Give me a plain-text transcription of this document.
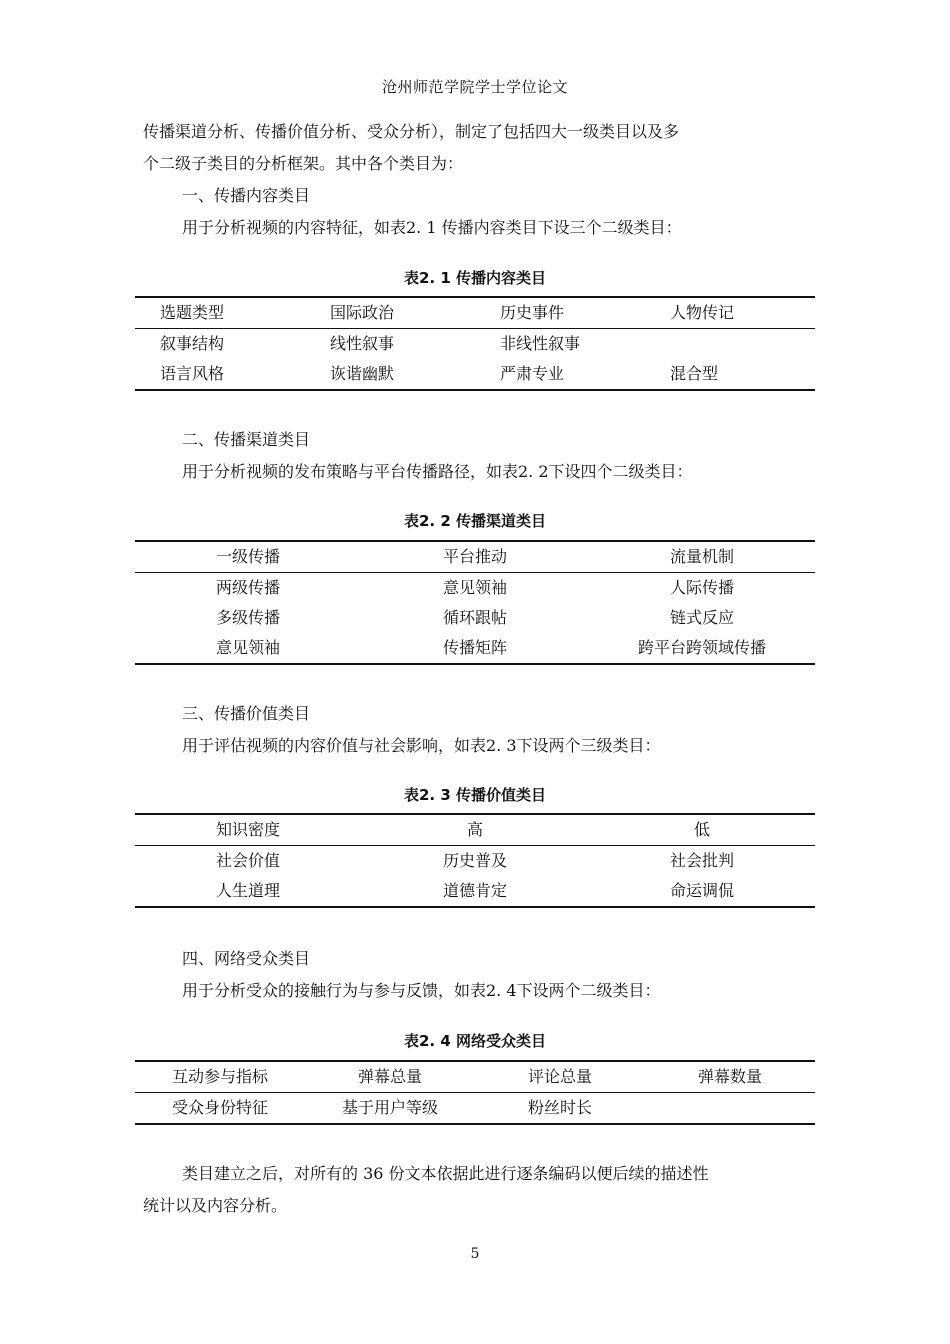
沧州师范学院学士学位论文
传播渠道分析、传播价值分析、受众分析），制定了包括四大一级类目以及多
个二级子类目的分析框架。其中各个类目为：
一、传播内容类目
用于分析视频的内容特征，如表2. 1 传播内容类目下设三个二级类目：
表2. 1 传播内容类目
选题类型	国际政治	历史事件	人物传记
叙事结构	线性叙事	非线性叙事
语言风格	诙谐幽默	严肃专业	混合型
二、传播渠道类目
用于分析视频的发布策略与平台传播路径，如表2. 2下设四个二级类目：
表2. 2 传播渠道类目
一级传播	平台推动	流量机制
两级传播	意见领袖	人际传播
多级传播	循环跟帖	链式反应
意见领袖	传播矩阵	跨平台跨领域传播
三、传播价值类目
用于评估视频的内容价值与社会影响，如表2. 3下设两个三级类目：
表2. 3 传播价值类目
知识密度	高	低
社会价值	历史普及	社会批判
人生道理	道德肯定	命运调侃
四、网络受众类目
用于分析受众的接触行为与参与反馈，如表2. 4下设两个二级类目：
表2. 4 网络受众类目
互动参与指标	弹幕总量	评论总量	弹幕数量
受众身份特征	基于用户等级	粉丝时长
类目建立之后，对所有的 36 份文本依据此进行逐条编码以便后续的描述性
统计以及内容分析。
5
